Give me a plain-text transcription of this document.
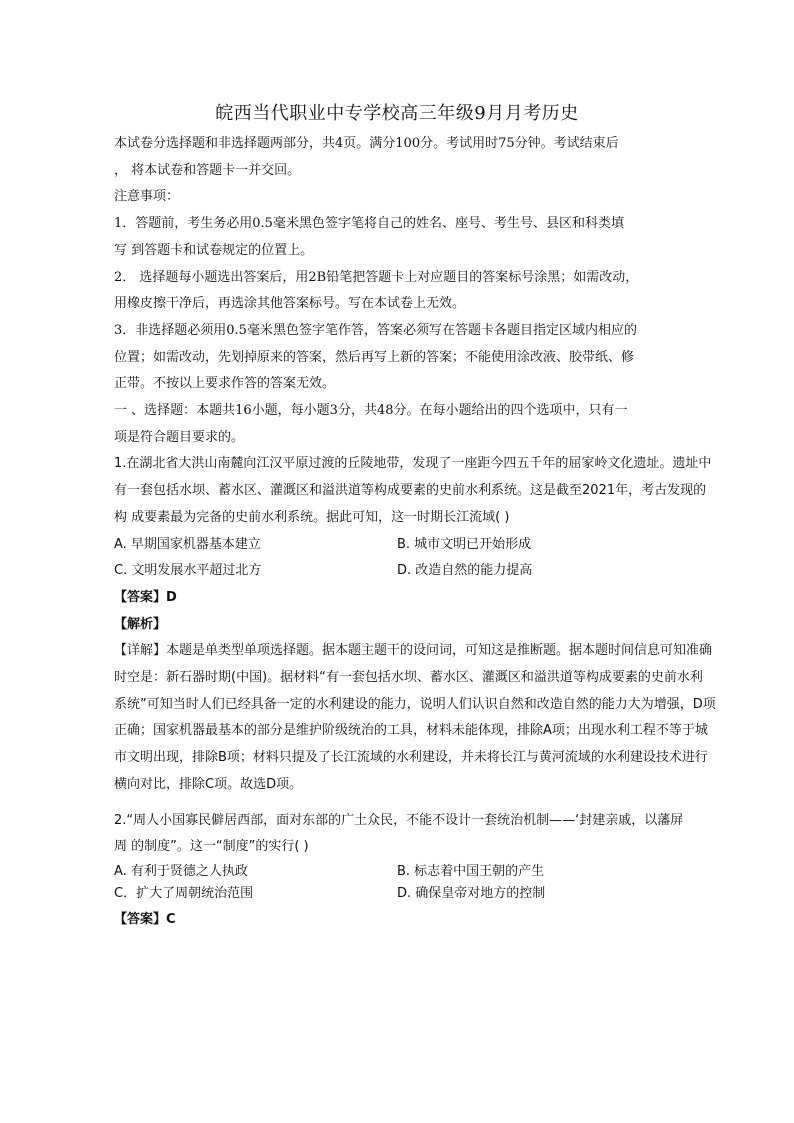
皖西当代职业中专学校高三年级9月月考历史

本试卷分选择题和非选择题两部分，共4页。满分100分。考试用时75分钟。考试结束后

， 将本试卷和答题卡一并交回。

注意事项：

1．答题前，考生务必用0.5毫米黑色签字笔将自己的姓名、座号、考生号、县区和科类填

写 到答题卡和试卷规定的位置上。

2． 选择题每小题选出答案后，用2B铅笔把答题卡上对应题目的答案标号涂黑；如需改动，

用橡皮擦干净后，再选涂其他答案标号。写在本试卷上无效。

3．非选择题必须用0.5毫米黑色签字笔作答，答案必须写在答题卡各题目指定区域内相应的

位置；如需改动，先划掉原来的答案，然后再写上新的答案；不能使用涂改液、胶带纸、修

正带。不按以上要求作答的答案无效。

一 、选择题：本题共16小题，每小题3分，共48分。在每小题给出的四个选项中，只有一

项是符合题目要求的。

1.在湖北省大洪山南麓向江汉平原过渡的丘陵地带，发现了一座距今四五千年的屈家岭文化遗址。遗址中

有一套包括水坝、蓄水区、灌溉区和溢洪道等构成要素的史前水利系统。这是截至2021年，考古发现的

构 成要素最为完备的史前水利系统。据此可知，这一时期长江流域( )

A. 早期国家机器基本建立	B. 城市文明已开始形成
C. 文明发展水平超过北方	D. 改造自然的能力提高

【答案】D

【解析】

【详解】本题是单类型单项选择题。据本题主题干的设问词，可知这是推断题。据本题时间信息可知准确

时空是：新石器时期(中国)。据材料“有一套包括水坝、蓄水区、灌溉区和溢洪道等构成要素的史前水利

系统”可知当时人们已经具备一定的水利建设的能力，说明人们认识自然和改造自然的能力大为增强，D项

正确；国家机器最基本的部分是维护阶级统治的工具，材料未能体现，排除A项；出现水利工程不等于城

市文明出现，排除B项；材料只提及了长江流域的水利建设，并未将长江与黄河流域的水利建设技术进行

横向对比，排除C项。故选D项。

2.“周人小国寡民僻居西部，面对东部的广土众民，不能不设计一套统治机制——‘封建亲戚，以藩屏

周 的制度”。这一“制度”的实行( )

A. 有利于贤德之人执政	B. 标志着中国王朝的产生
C．扩大了周朝统治范围	D. 确保皇帝对地方的控制

【答案】C
